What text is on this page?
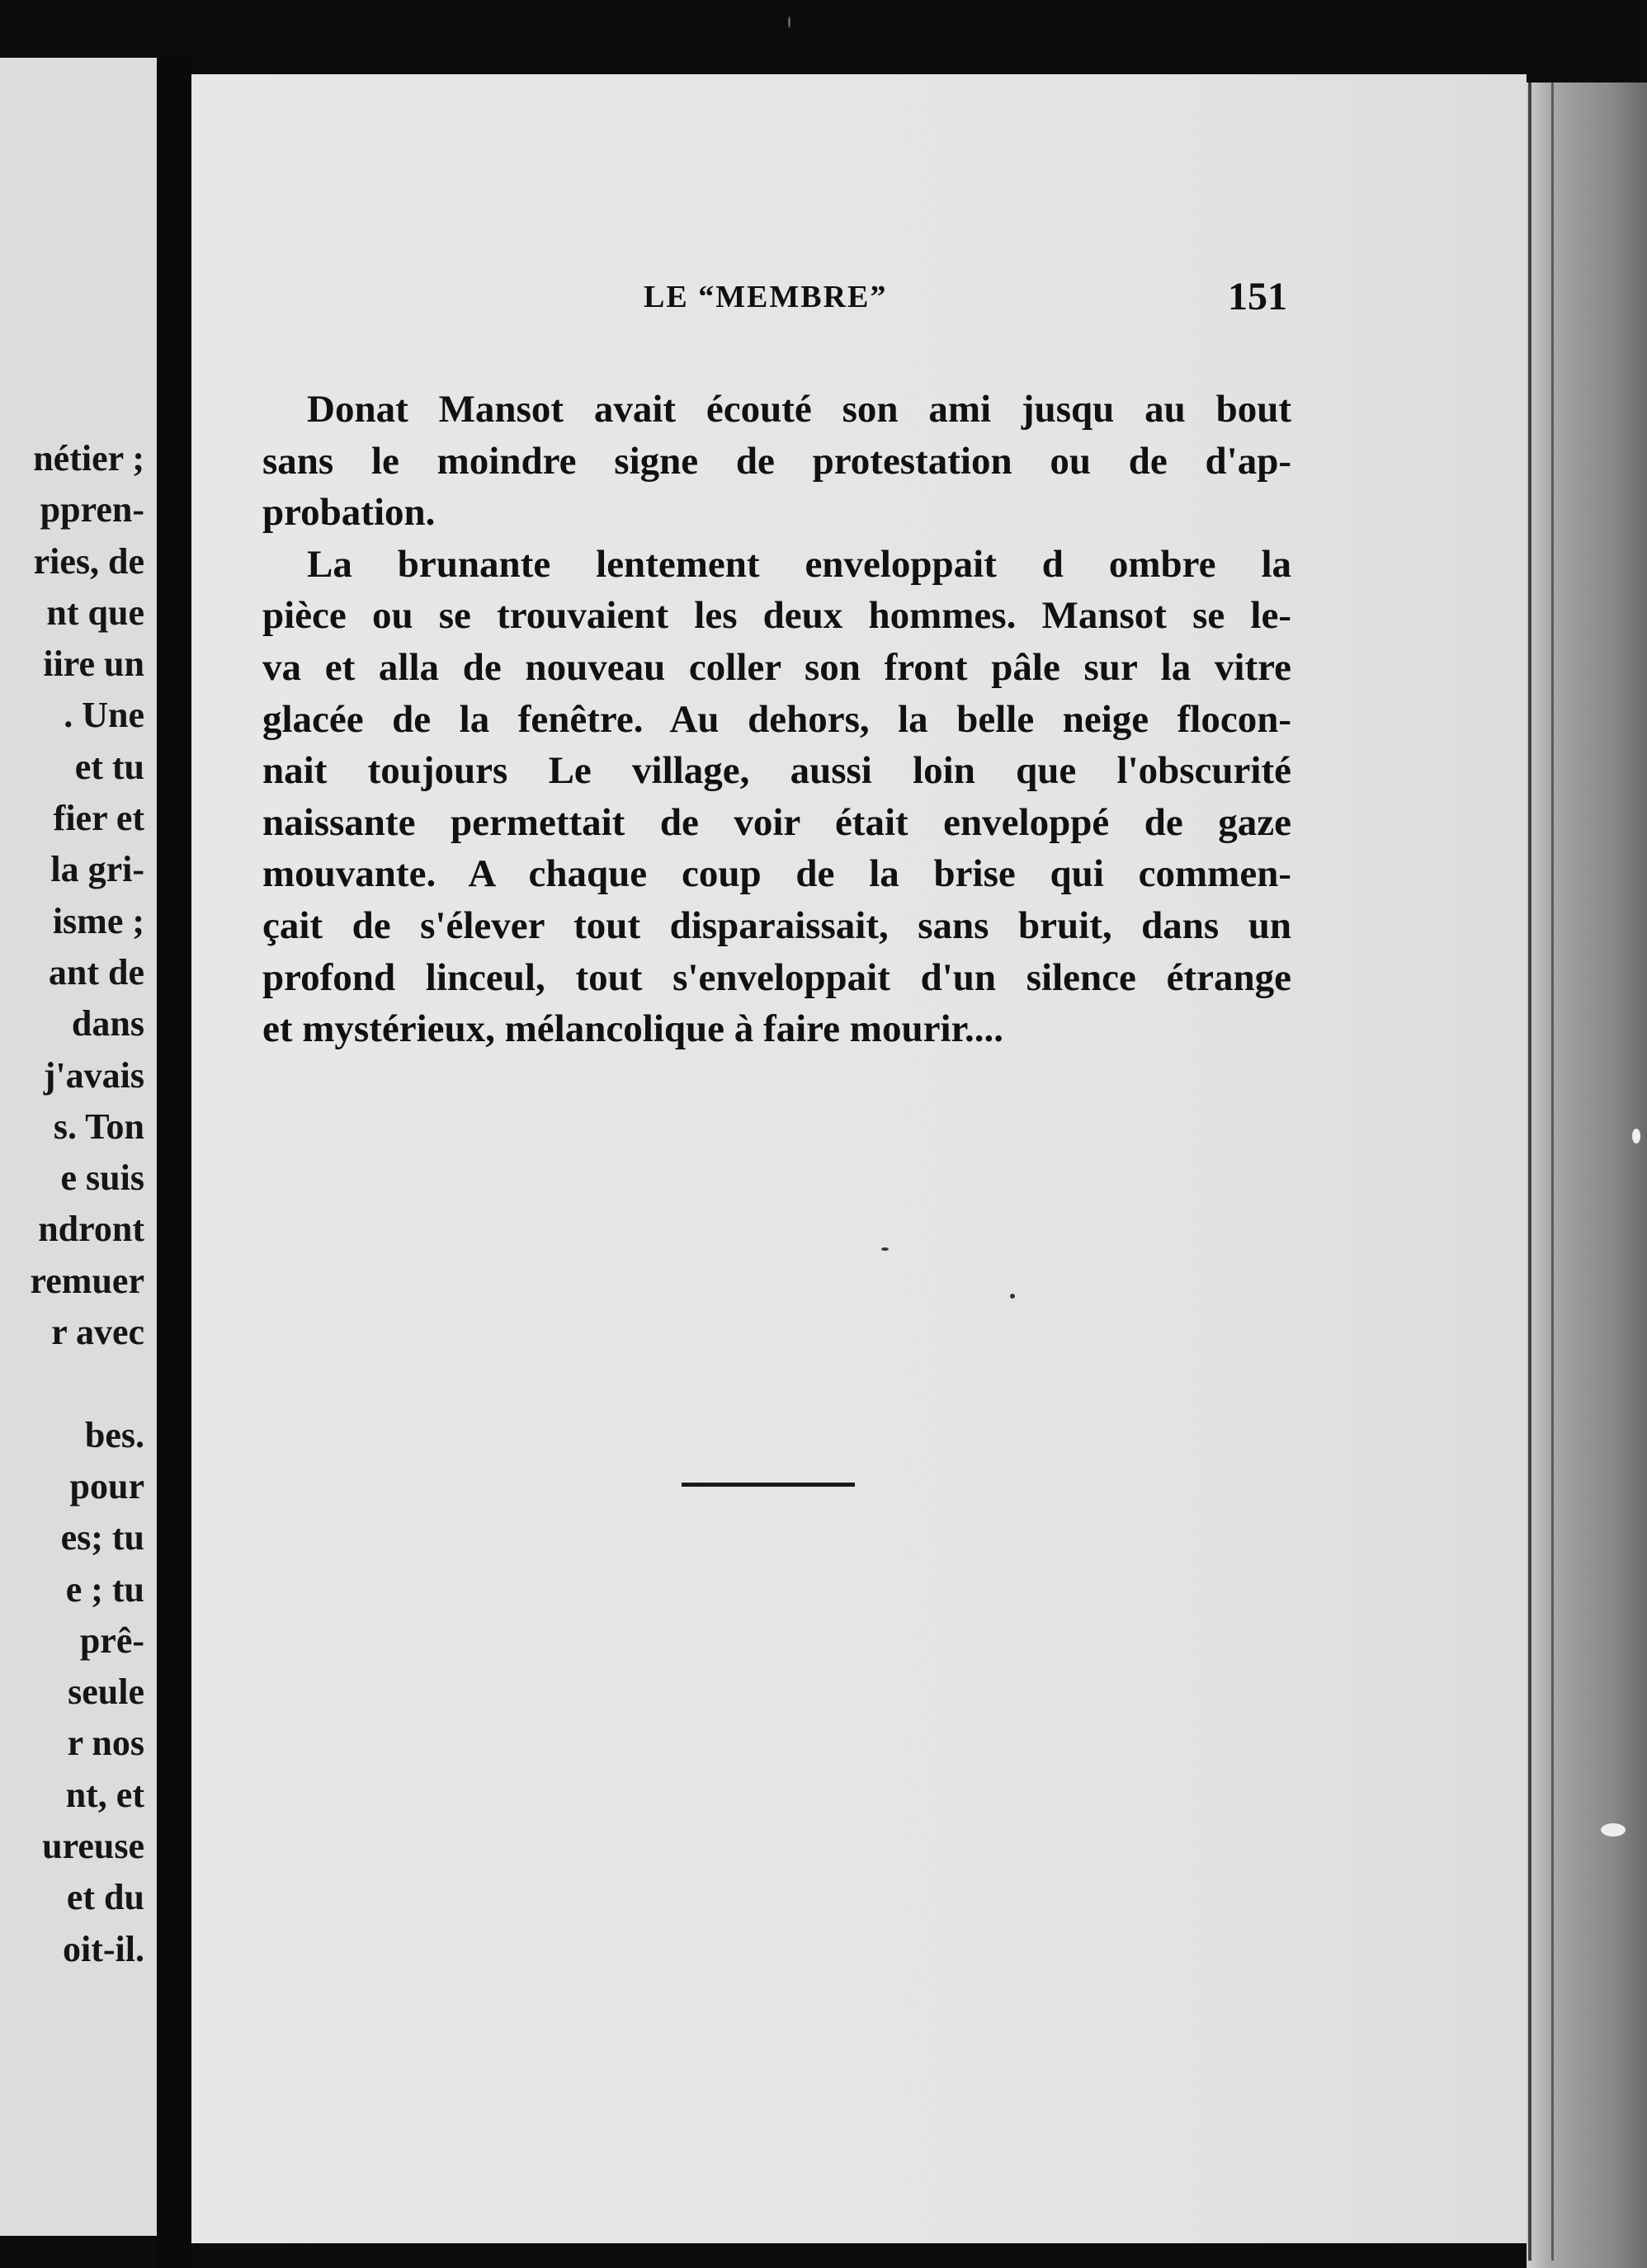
nétier ;
ppren-
ries, de
nt que
iire un
. Une
et tu
fier et
la gri-
isme ;
ant de
dans
j'avais
s. Ton
e suis
ndront
remuer
r avec
bes.
pour
es; tu
e ; tu
prê-
seule
r nos
nt, et
ureuse
et du
oit-il.
LE “MEMBRE”	151
Donat Mansot avait écouté son ami jusqu au bout
sans le moindre signe de protestation ou de d'ap-
probation.
La brunante lentement enveloppait d ombre la
pièce ou se trouvaient les deux hommes. Mansot se le-
va et alla de nouveau coller son front pâle sur la vitre
glacée de la fenêtre. Au dehors, la belle neige flocon-
nait toujours Le village, aussi loin que l'obscurité
naissante permettait de voir était enveloppé de gaze
mouvante. A chaque coup de la brise qui commen-
çait de s'élever tout disparaissait, sans bruit, dans un
profond linceul, tout s'enveloppait d'un silence étrange
et mystérieux, mélancolique à faire mourir....
